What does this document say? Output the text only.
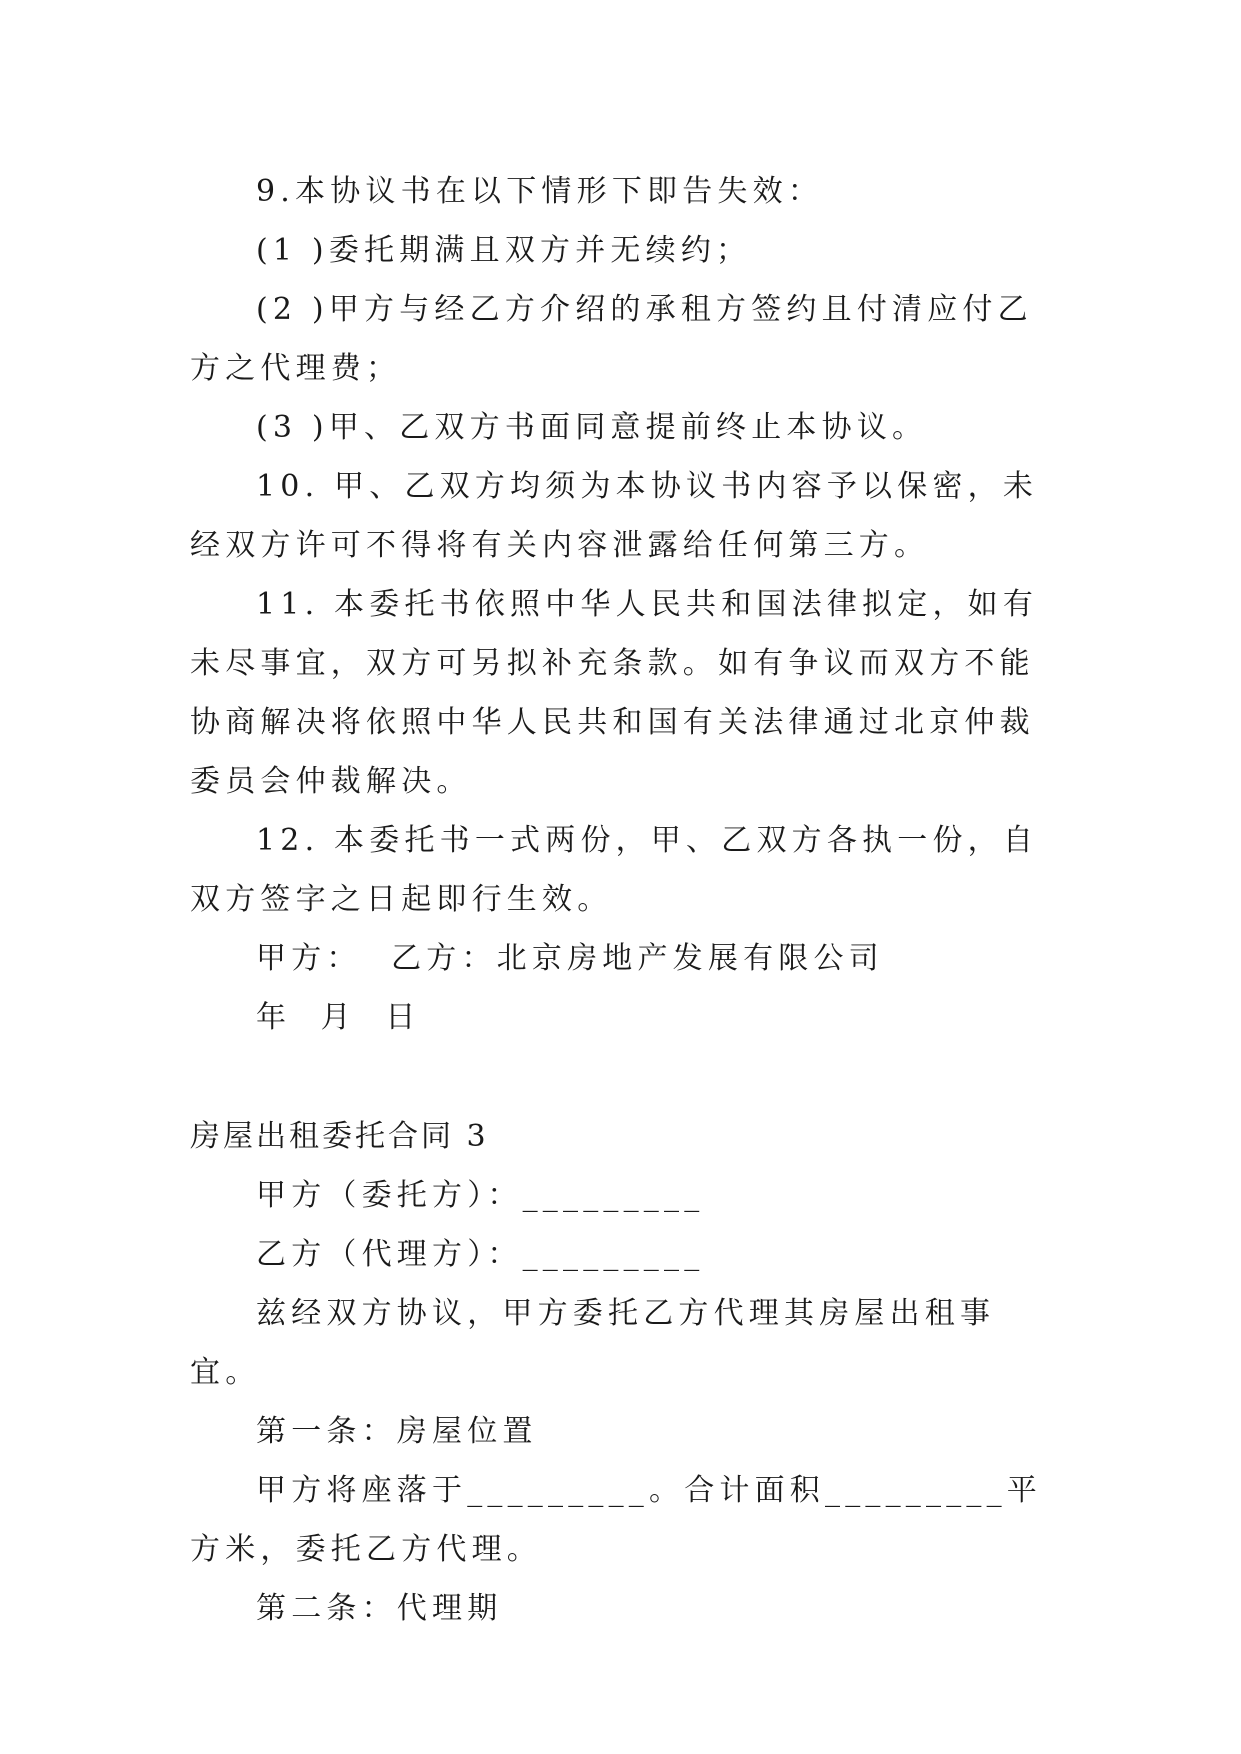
9.本协议书在以下情形下即告失效：

(1 )委托期满且双方并无续约；

(2 )甲方与经乙方介绍的承租方签约且付清应付乙方之代理费；

(3 )甲、乙双方书面同意提前终止本协议。

10. 甲、乙双方均须为本协议书内容予以保密，未经双方许可不得将有关内容泄露给任何第三方。

11. 本委托书依照中华人民共和国法律拟定，如有未尽事宜，双方可另拟补充条款。如有争议而双方不能协商解决将依照中华人民共和国有关法律通过北京仲裁委员会仲裁解决。

12. 本委托书一式两份，甲、乙双方各执一份，自双方签字之日起即行生效。

甲方：  乙方：北京房地产发展有限公司

年  月  日

房屋出租委托合同 3

甲方（委托方）：_________

乙方（代理方）：_________

兹经双方协议，甲方委托乙方代理其房屋出租事宜。

第一条：房屋位置

甲方将座落于_________。合计面积_________平方米，委托乙方代理。

第二条：代理期
